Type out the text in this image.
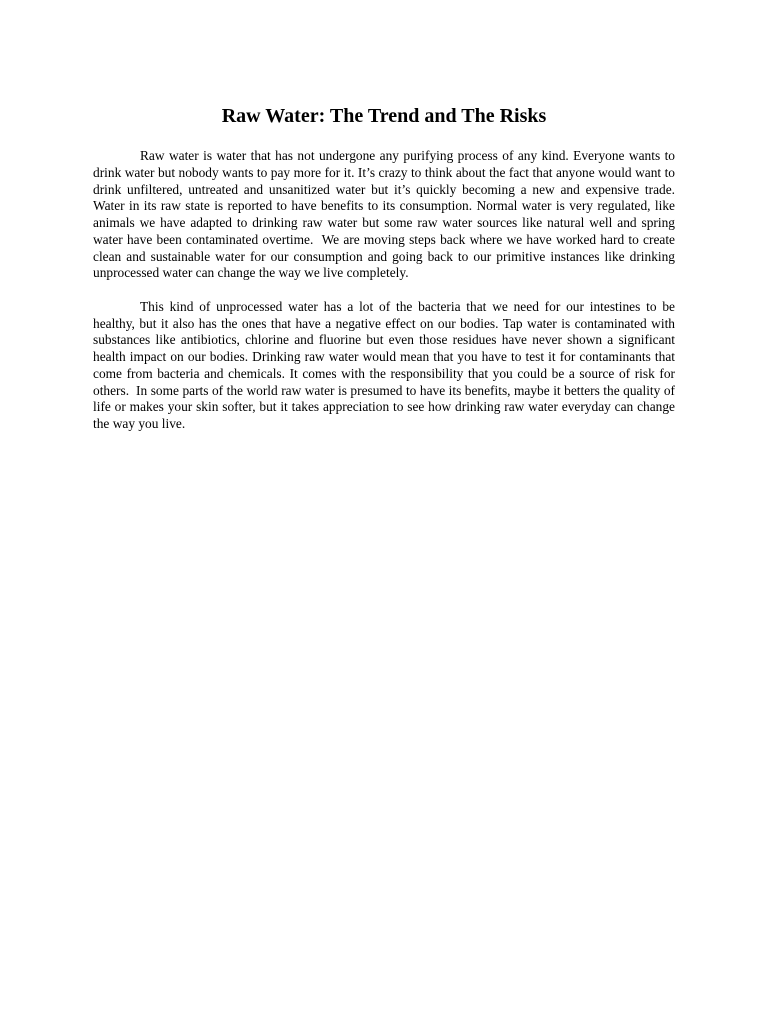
Raw Water: The Trend and The Risks

Raw water is water that has not undergone any purifying process of any kind. Everyone wants to drink water but nobody wants to pay more for it. It’s crazy to think about the fact that anyone would want to drink unfiltered, untreated and unsanitized water but it’s quickly becoming a new and expensive trade. Water in its raw state is reported to have benefits to its consumption. Normal water is very regulated, like animals we have adapted to drinking raw water but some raw water sources like natural well and spring water have been contaminated overtime.  We are moving steps back where we have worked hard to create clean and sustainable water for our consumption and going back to our primitive instances like drinking unprocessed water can change the way we live completely.

This kind of unprocessed water has a lot of the bacteria that we need for our intestines to be healthy, but it also has the ones that have a negative effect on our bodies. Tap water is contaminated with substances like antibiotics, chlorine and fluorine but even those residues have never shown a significant health impact on our bodies. Drinking raw water would mean that you have to test it for contaminants that come from bacteria and chemicals. It comes with the responsibility that you could be a source of risk for others.  In some parts of the world raw water is presumed to have its benefits, maybe it betters the quality of life or makes your skin softer, but it takes appreciation to see how drinking raw water everyday can change the way you live.
